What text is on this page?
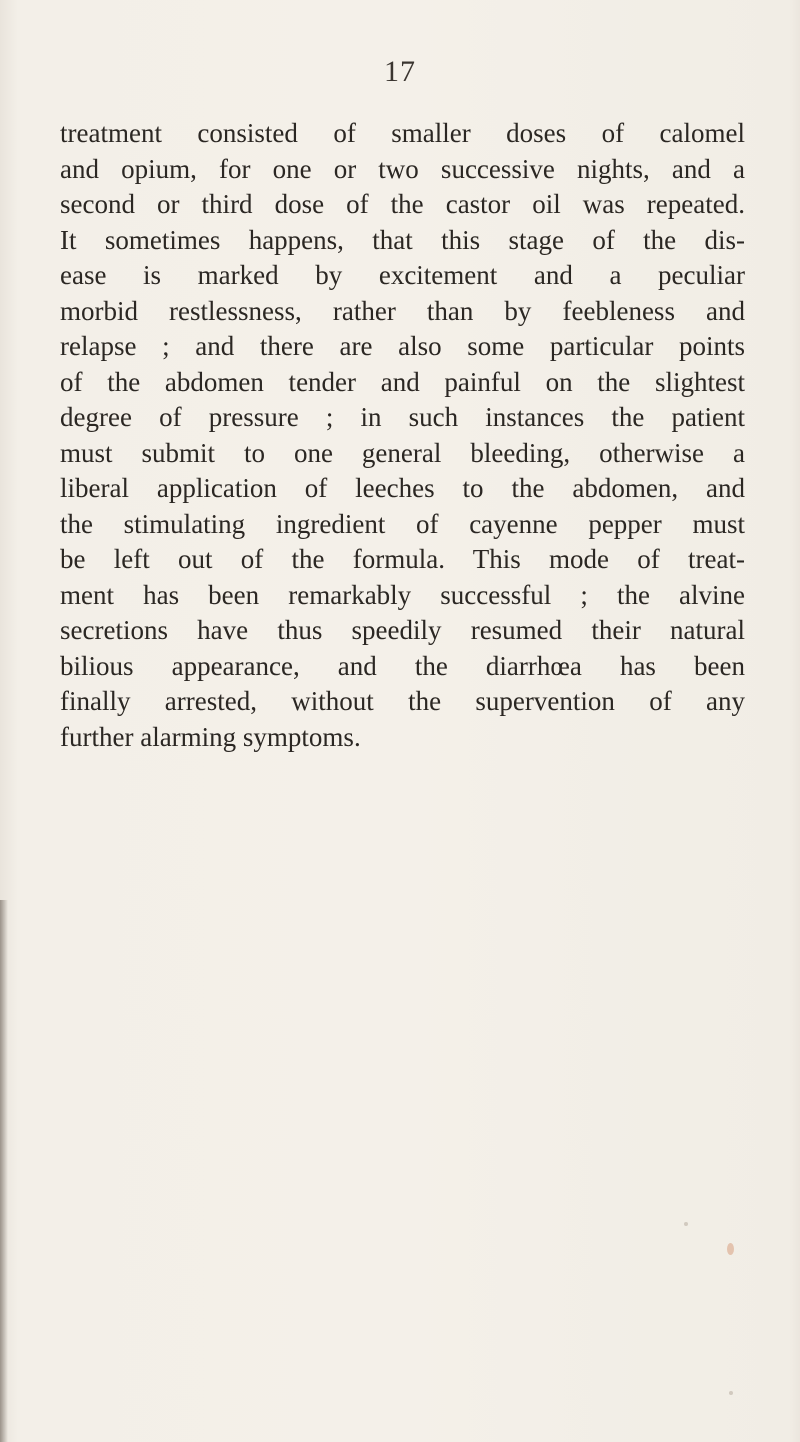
17
treatment consisted of smaller doses of calomel
and opium, for one or two successive nights, and a
second or third dose of the castor oil was repeated.
It sometimes happens, that this stage of the dis-
ease is marked by excitement and a peculiar
morbid restlessness, rather than by feebleness and
relapse ; and there are also some particular points
of the abdomen tender and painful on the slightest
degree of pressure ; in such instances the patient
must submit to one general bleeding, otherwise a
liberal application of leeches to the abdomen, and
the stimulating ingredient of cayenne pepper must
be left out of the formula. This mode of treat-
ment has been remarkably successful ; the alvine
secretions have thus speedily resumed their natural
bilious appearance, and the diarrhœa has been
finally arrested, without the supervention of any
further alarming symptoms.
